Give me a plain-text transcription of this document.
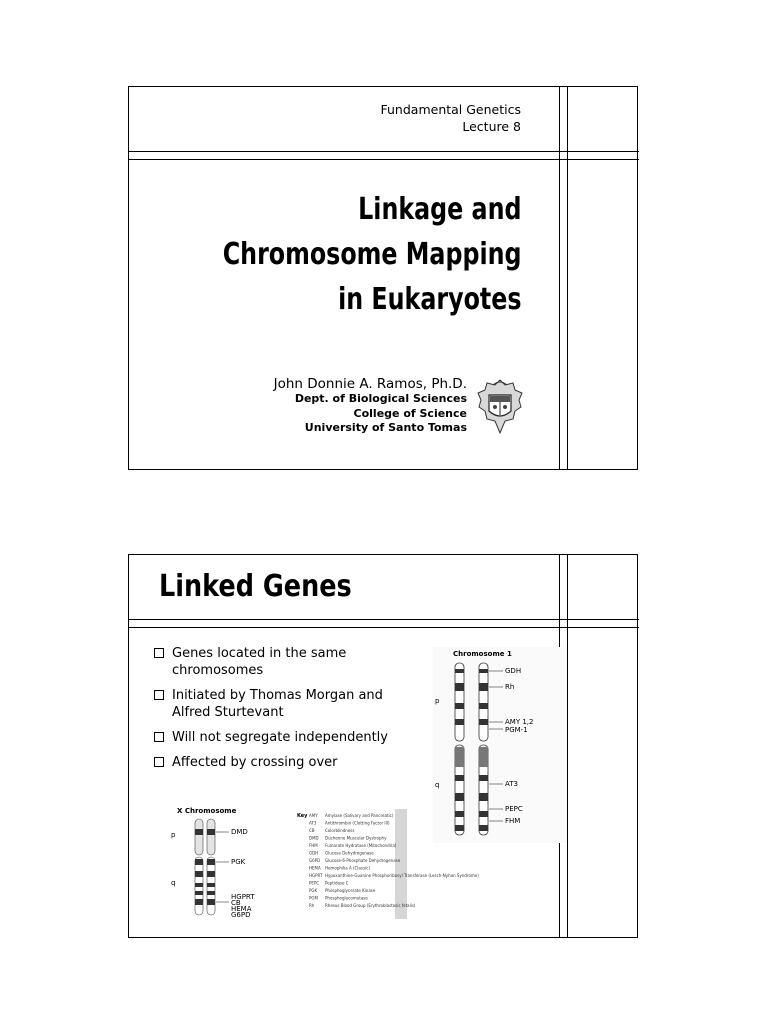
Fundamental Genetics
Lecture 8
Linkage and
Chromosome Mapping
in Eukaryotes
John Donnie A. Ramos, Ph.D.
Dept. of Biological Sciences
College of Science
University of Santo Tomas
Linked Genes
Genes located in the same chromosomes
Initiated by Thomas Morgan and Alfred Sturtevant
Will not segregate independently
Affected by crossing over
Chromosome 1
p
q
GDH
Rh
AMY 1,2
PGM-1
AT3
PEPC
FHM
X Chromosome
p
q
DMD
PGK
HGPRT
CB
HEMA
G6PD
Key AMY Amylase (Salivary and Pancreatic)
AT3 Antithrombin (Clotting Factor III)
CB	Colorblindness
DMD Duchenne Muscular Dystrophy
FHM Fumarate Hydratase (Mitochondria)
GDH Glucose Dehydrogenase
G6PD Glucose-6-Phosphate Dehydrogenase
HEMA Hemophilia A (Classic)
HGPRT Hypoxanthine-Guanine Phosphoribosyl Transferase (Lesch-Nyhan Syndrome)
PEPC Peptidase C
PGK Phosphoglycerate Kinase
PGM Phosphoglucomutase
Rh	Rhesus Blood Group (Erythroblastosis fetalis)
